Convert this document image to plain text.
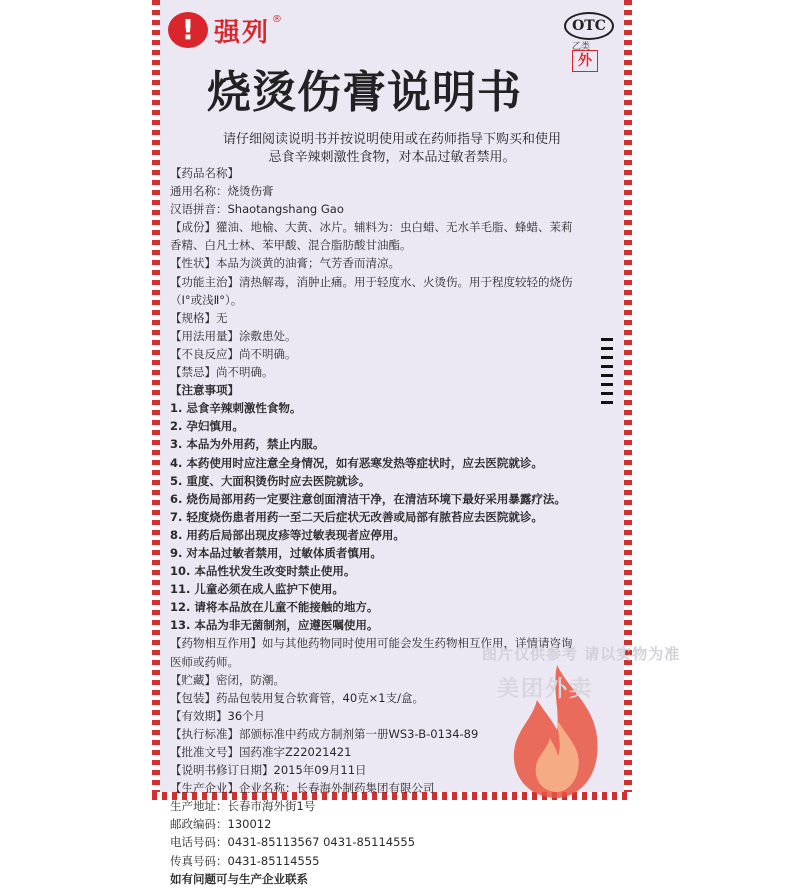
! 强列 ®	OTC
乙类
外
烧烫伤膏说明书
请仔细阅读说明书并按说明使用或在药师指导下购买和使用
忌食辛辣刺激性食物，对本品过敏者禁用。
【药品名称】
通用名称：烧烫伤膏
汉语拼音：Shaotangshang Gao
【成份】獾油、地榆、大黄、冰片。辅料为：虫白蜡、无水羊毛脂、蜂蜡、茉莉
香精、白凡士林、苯甲酸、混合脂肪酸甘油酯。
【性状】本品为淡黄的油膏；气芳香而清凉。
【功能主治】清热解毒，消肿止痛。用于轻度水、火烫伤。用于程度较轻的烧伤
（Ⅰ°或浅Ⅱ°）。
【规格】无
【用法用量】涂敷患处。
【不良反应】尚不明确。
【禁忌】尚不明确。
【注意事项】
1. 忌食辛辣刺激性食物。
2. 孕妇慎用。
3. 本品为外用药，禁止内服。
4. 本药使用时应注意全身情况，如有恶寒发热等症状时，应去医院就诊。
5. 重度、大面积烫伤时应去医院就诊。
6. 烧伤局部用药一定要注意创面清洁干净，在清洁环境下最好采用暴露疗法。
7. 轻度烧伤患者用药一至二天后症状无改善或局部有脓苔应去医院就诊。
8. 用药后局部出现皮疹等过敏表现者应停用。
9. 对本品过敏者禁用，过敏体质者慎用。
10. 本品性状发生改变时禁止使用。
11. 儿童必须在成人监护下使用。
12. 请将本品放在儿童不能接触的地方。
13. 本品为非无菌制剂，应遵医嘱使用。
【药物相互作用】如与其他药物同时使用可能会发生药物相互作用，详情请咨询
医师或药师。
【贮藏】密闭，防潮。
【包装】药品包装用复合软膏管，40克×1支/盒。
【有效期】36个月
【执行标准】部颁标准中药成方制剂第一册WS3-B-0134-89
【批准文号】国药准字Z22021421
【说明书修订日期】2015年09月11日
【生产企业】企业名称：长春海外制药集团有限公司
生产地址：长春市海外街1号
邮政编码：130012
电话号码：0431-85113567 0431-85114555
传真号码：0431-85114555
如有问题可与生产企业联系
图片仅供参考 请以实物为准
美团外卖
